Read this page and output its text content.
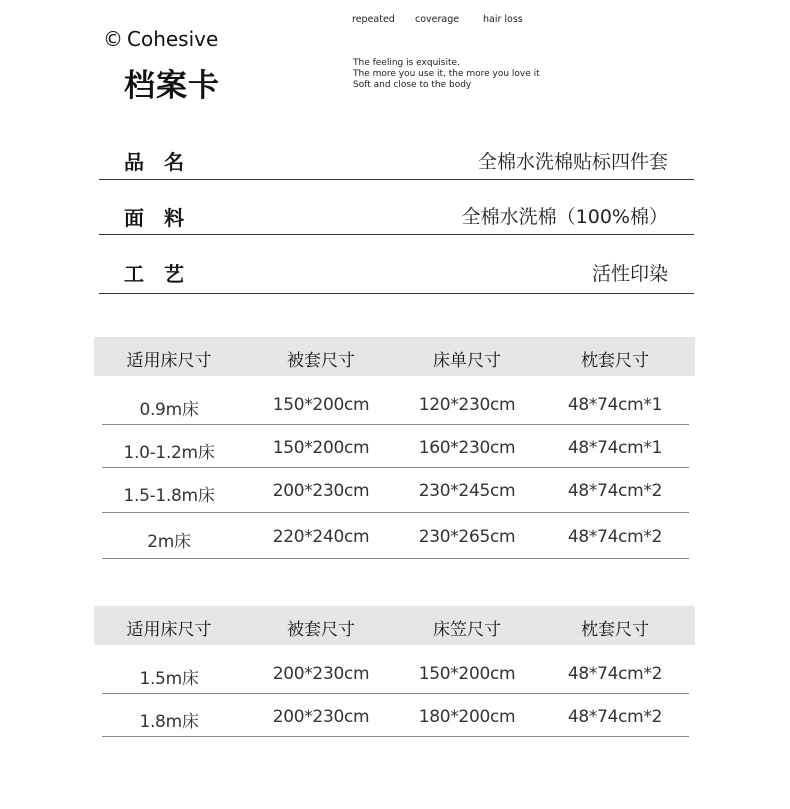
© Cohesive
档案卡
repeated coverage	hair loss
The feeling is exquisite.
The more you use it, the more you love it
Soft and close to the body
品　名	全棉水洗棉贴标四件套
面　料	全棉水洗棉（100%棉）
工　艺	活性印染
适用床尺寸	被套尺寸	床单尺寸	枕套尺寸
0.9m床	150*200cm	120*230cm	48*74cm*1
1.0-1.2m床	150*200cm	160*230cm	48*74cm*1
1.5-1.8m床	200*230cm	230*245cm	48*74cm*2
2m床	220*240cm	230*265cm	48*74cm*2
适用床尺寸	被套尺寸	床笠尺寸	枕套尺寸
1.5m床	200*230cm	150*200cm	48*74cm*2
1.8m床	200*230cm	180*200cm	48*74cm*2
